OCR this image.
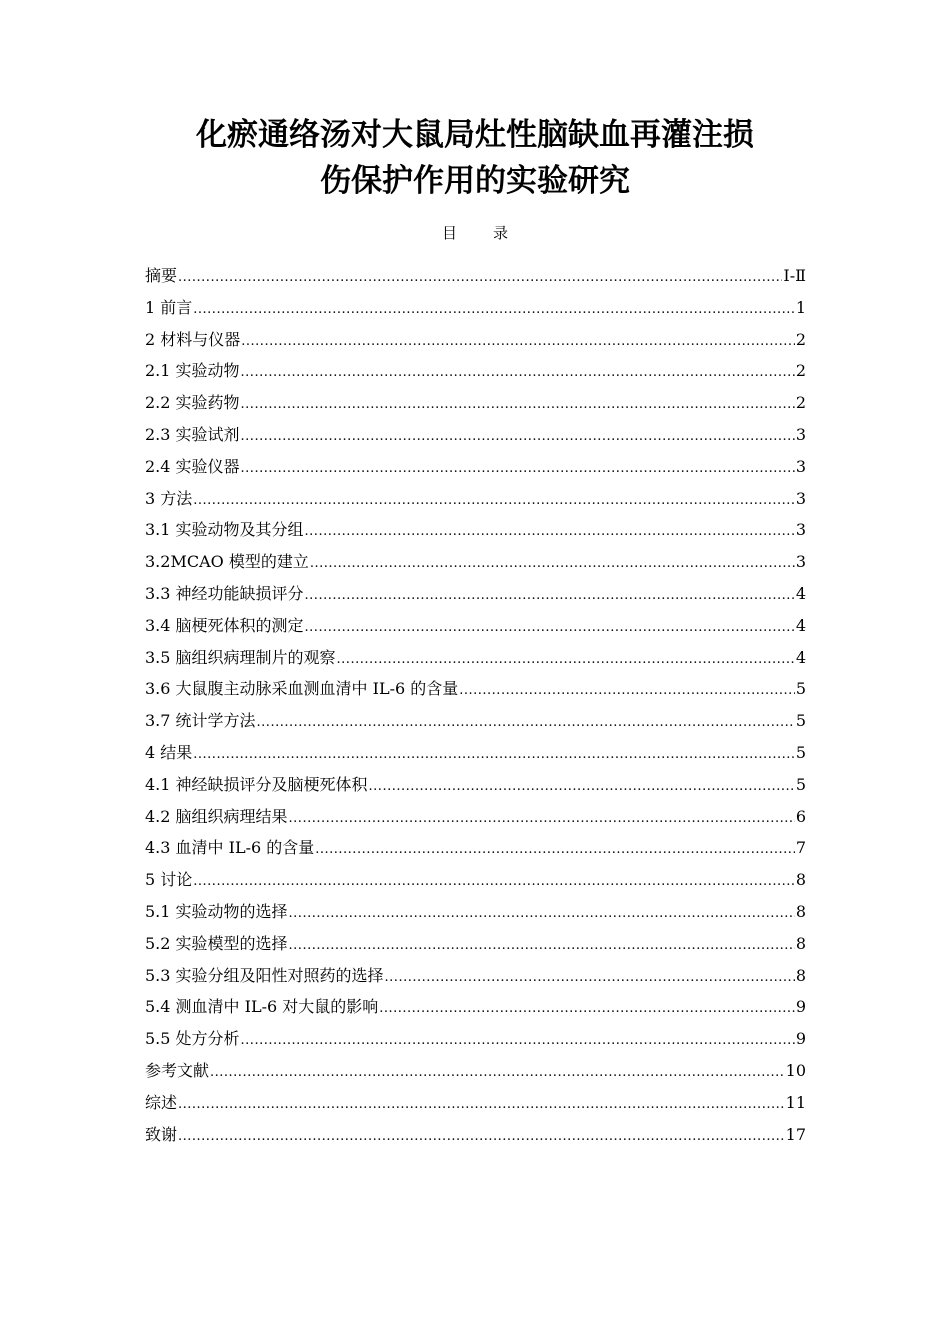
化瘀通络汤对大鼠局灶性脑缺血再灌注损
伤保护作用的实验研究
目 录
摘要 .....	I-Ⅱ
1 前言 .....	1
2 材料与仪器 .....	2
2.1 实验动物 .....	2
2.2 实验药物 .....	2
2.3 实验试剂 .....	3
2.4 实验仪器 .....	3
3 方法 .....	3
3.1 实验动物及其分组 .....	3
3.2MCAO 模型的建立 .....	3
3.3 神经功能缺损评分 .....	4
3.4 脑梗死体积的测定 .....	4
3.5 脑组织病理制片的观察 .....	4
3.6 大鼠腹主动脉采血测血清中 IL-6 的含量 .....	5
3.7 统计学方法 .....	5
4 结果 .....	5
4.1 神经缺损评分及脑梗死体积 .....	5
4.2 脑组织病理结果 .....	6
4.3 血清中 IL-6 的含量 .....	7
5 讨论 .....	8
5.1 实验动物的选择 .....	8
5.2 实验模型的选择 .....	8
5.3 实验分组及阳性对照药的选择 .....	8
5.4 测血清中 IL-6 对大鼠的影响 .....	9
5.5 处方分析 .....	9
参考文献 .....	10
综述 .....	11
致谢 .....	17
